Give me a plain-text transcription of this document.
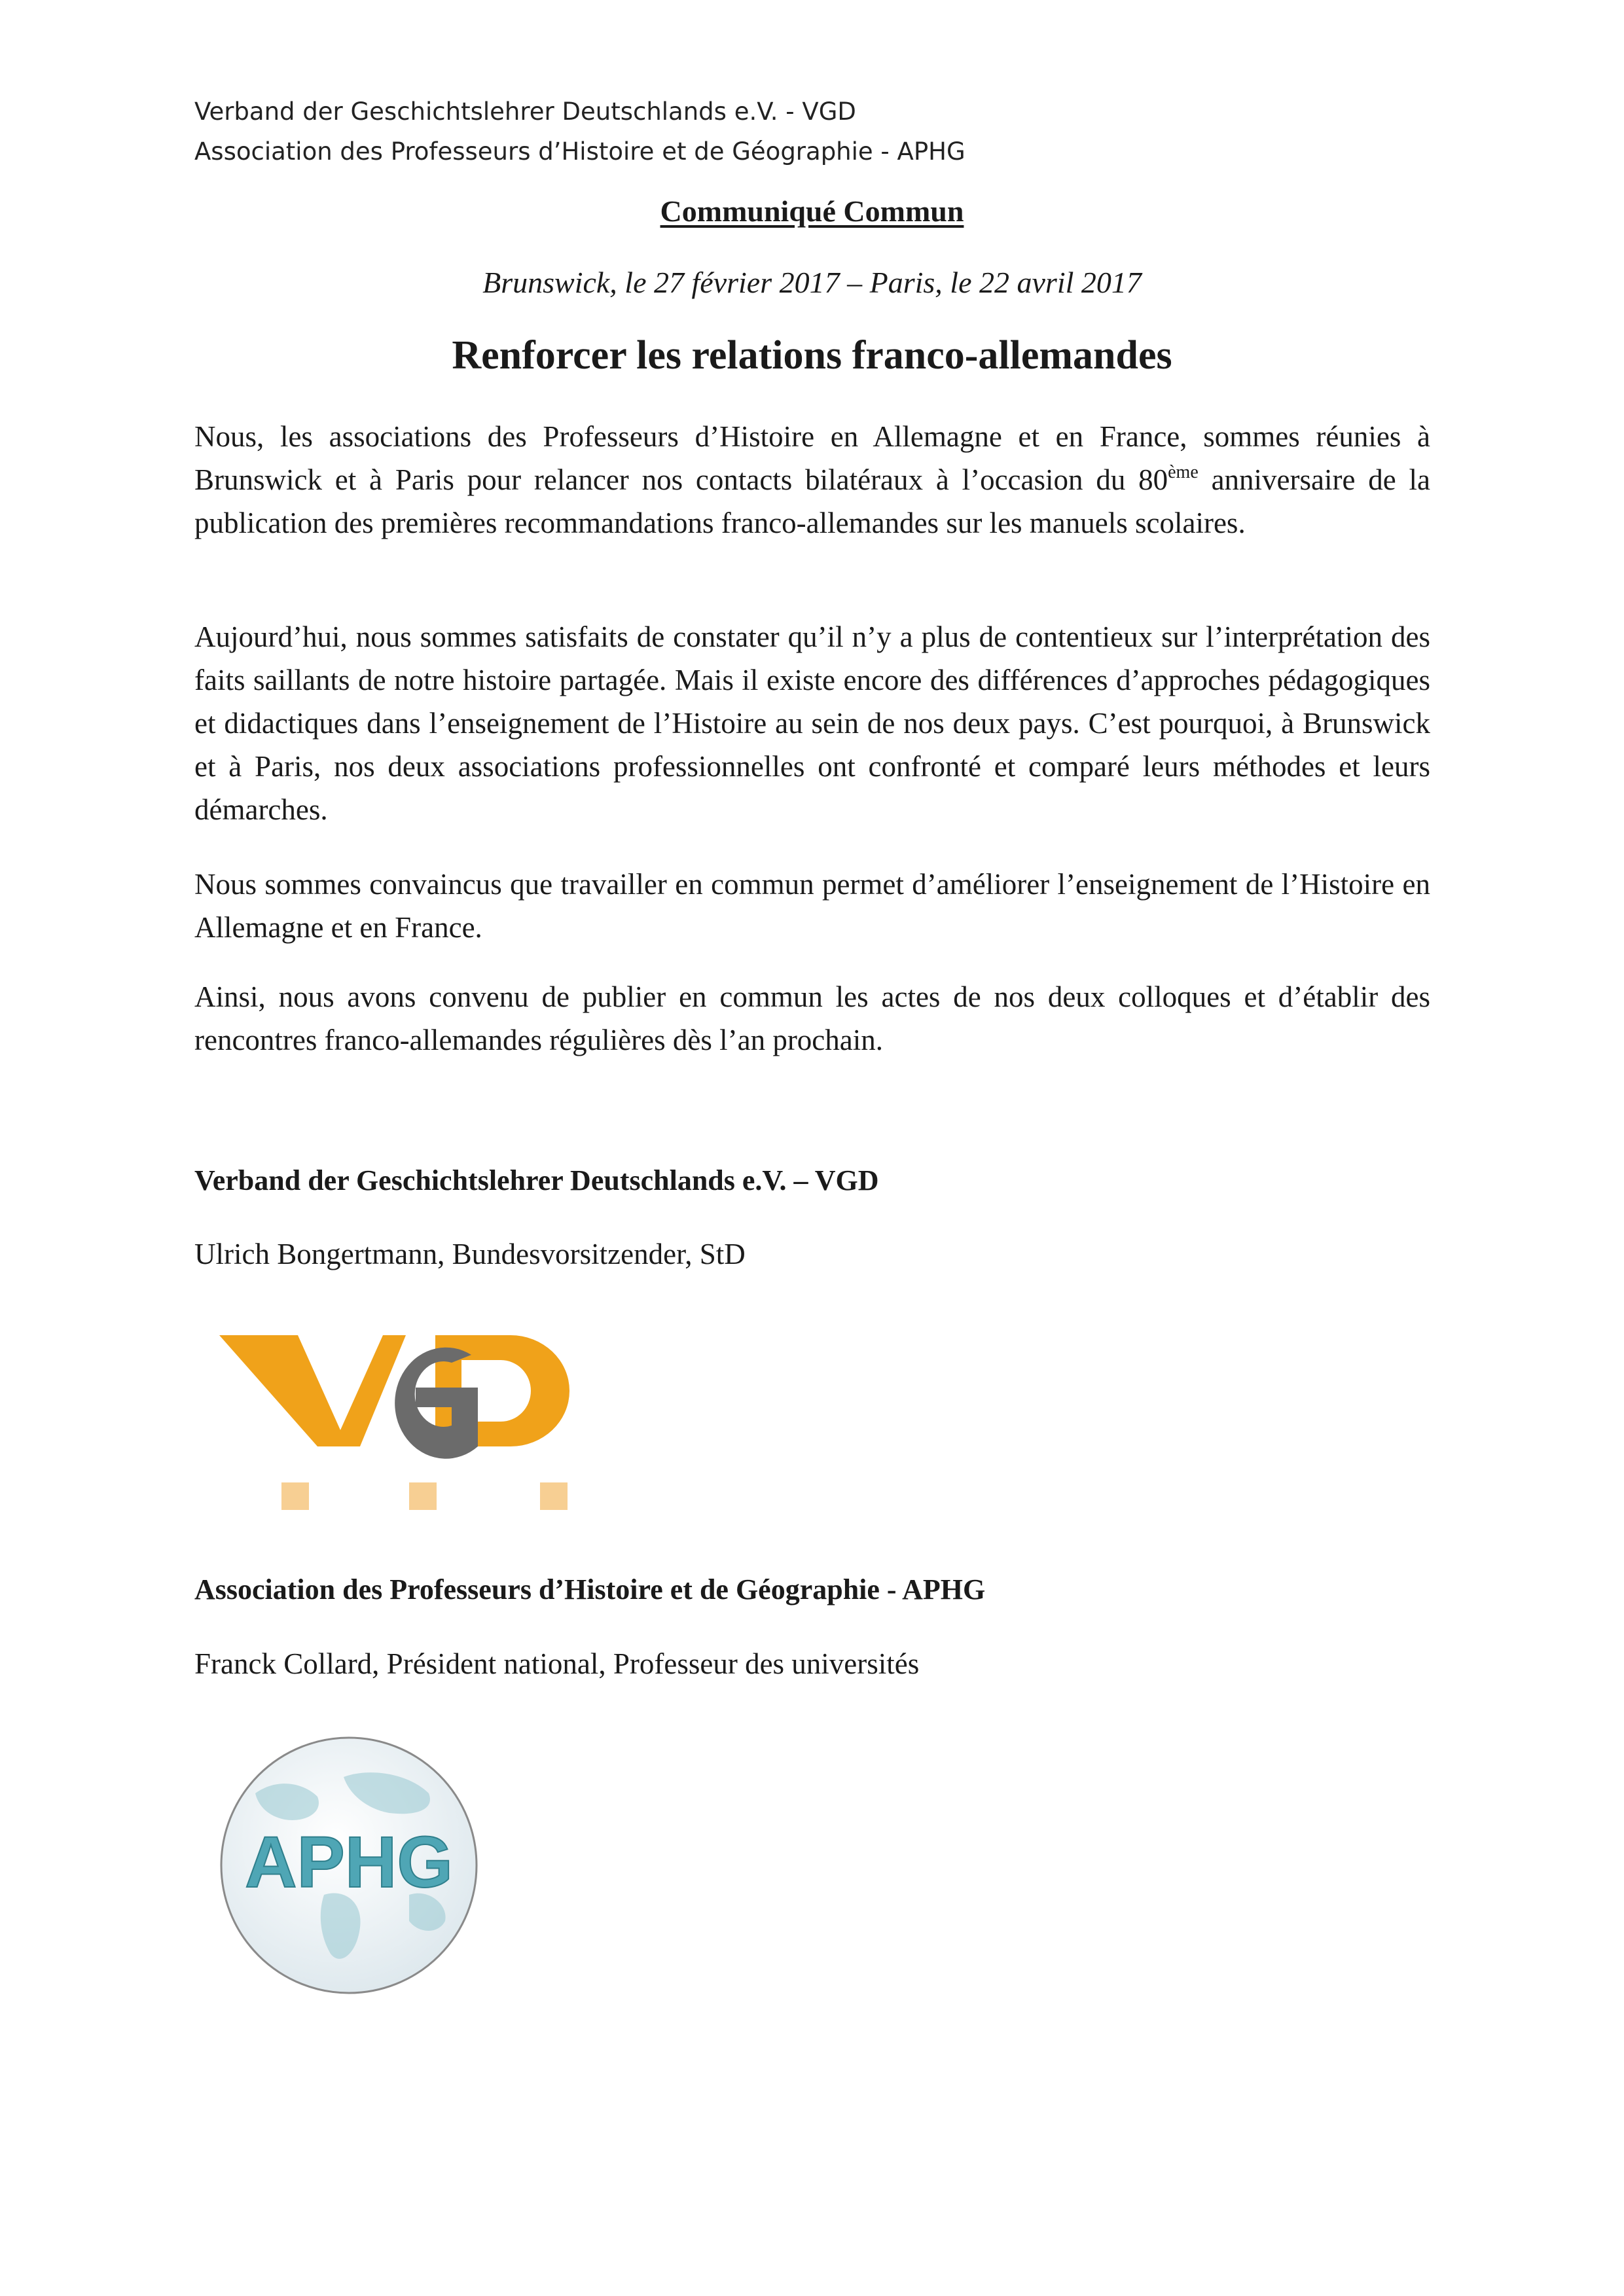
Verband der Geschichtslehrer Deutschlands e.V. - VGD
Association des Professeurs d’Histoire et de Géographie - APHG
Communiqué Commun
Brunswick, le 27 février 2017 – Paris, le 22 avril 2017
Renforcer les relations franco-allemandes

Nous, les associations des Professeurs d’Histoire en Allemagne et en France, sommes réunies à Brunswick et à Paris pour relancer nos contacts bilatéraux à l’occasion du 80ème anniversaire de la publication des premières recommandations franco-allemandes sur les manuels scolaires.

Aujourd’hui, nous sommes satisfaits de constater qu’il n’y a plus de contentieux sur l’interprétation des faits saillants de notre histoire partagée. Mais il existe encore des différences d’approches pédagogiques et didactiques dans l’enseignement de l’Histoire au sein de nos deux pays. C’est pourquoi, à Brunswick et à Paris, nos deux associations professionnelles ont confronté et comparé leurs méthodes et leurs démarches.

Nous sommes convaincus que travailler en commun permet d’améliorer l’enseignement de l’Histoire en Allemagne et en France.

Ainsi, nous avons convenu de publier en commun les actes de nos deux colloques et d’établir des rencontres franco-allemandes régulières dès l’an prochain.

Verband der Geschichtslehrer Deutschlands e.V. – VGD
Ulrich Bongertmann, Bundesvorsitzender, StD
Association des Professeurs d’Histoire et de Géographie - APHG
Franck Collard, Président national, Professeur des universités
APHG
